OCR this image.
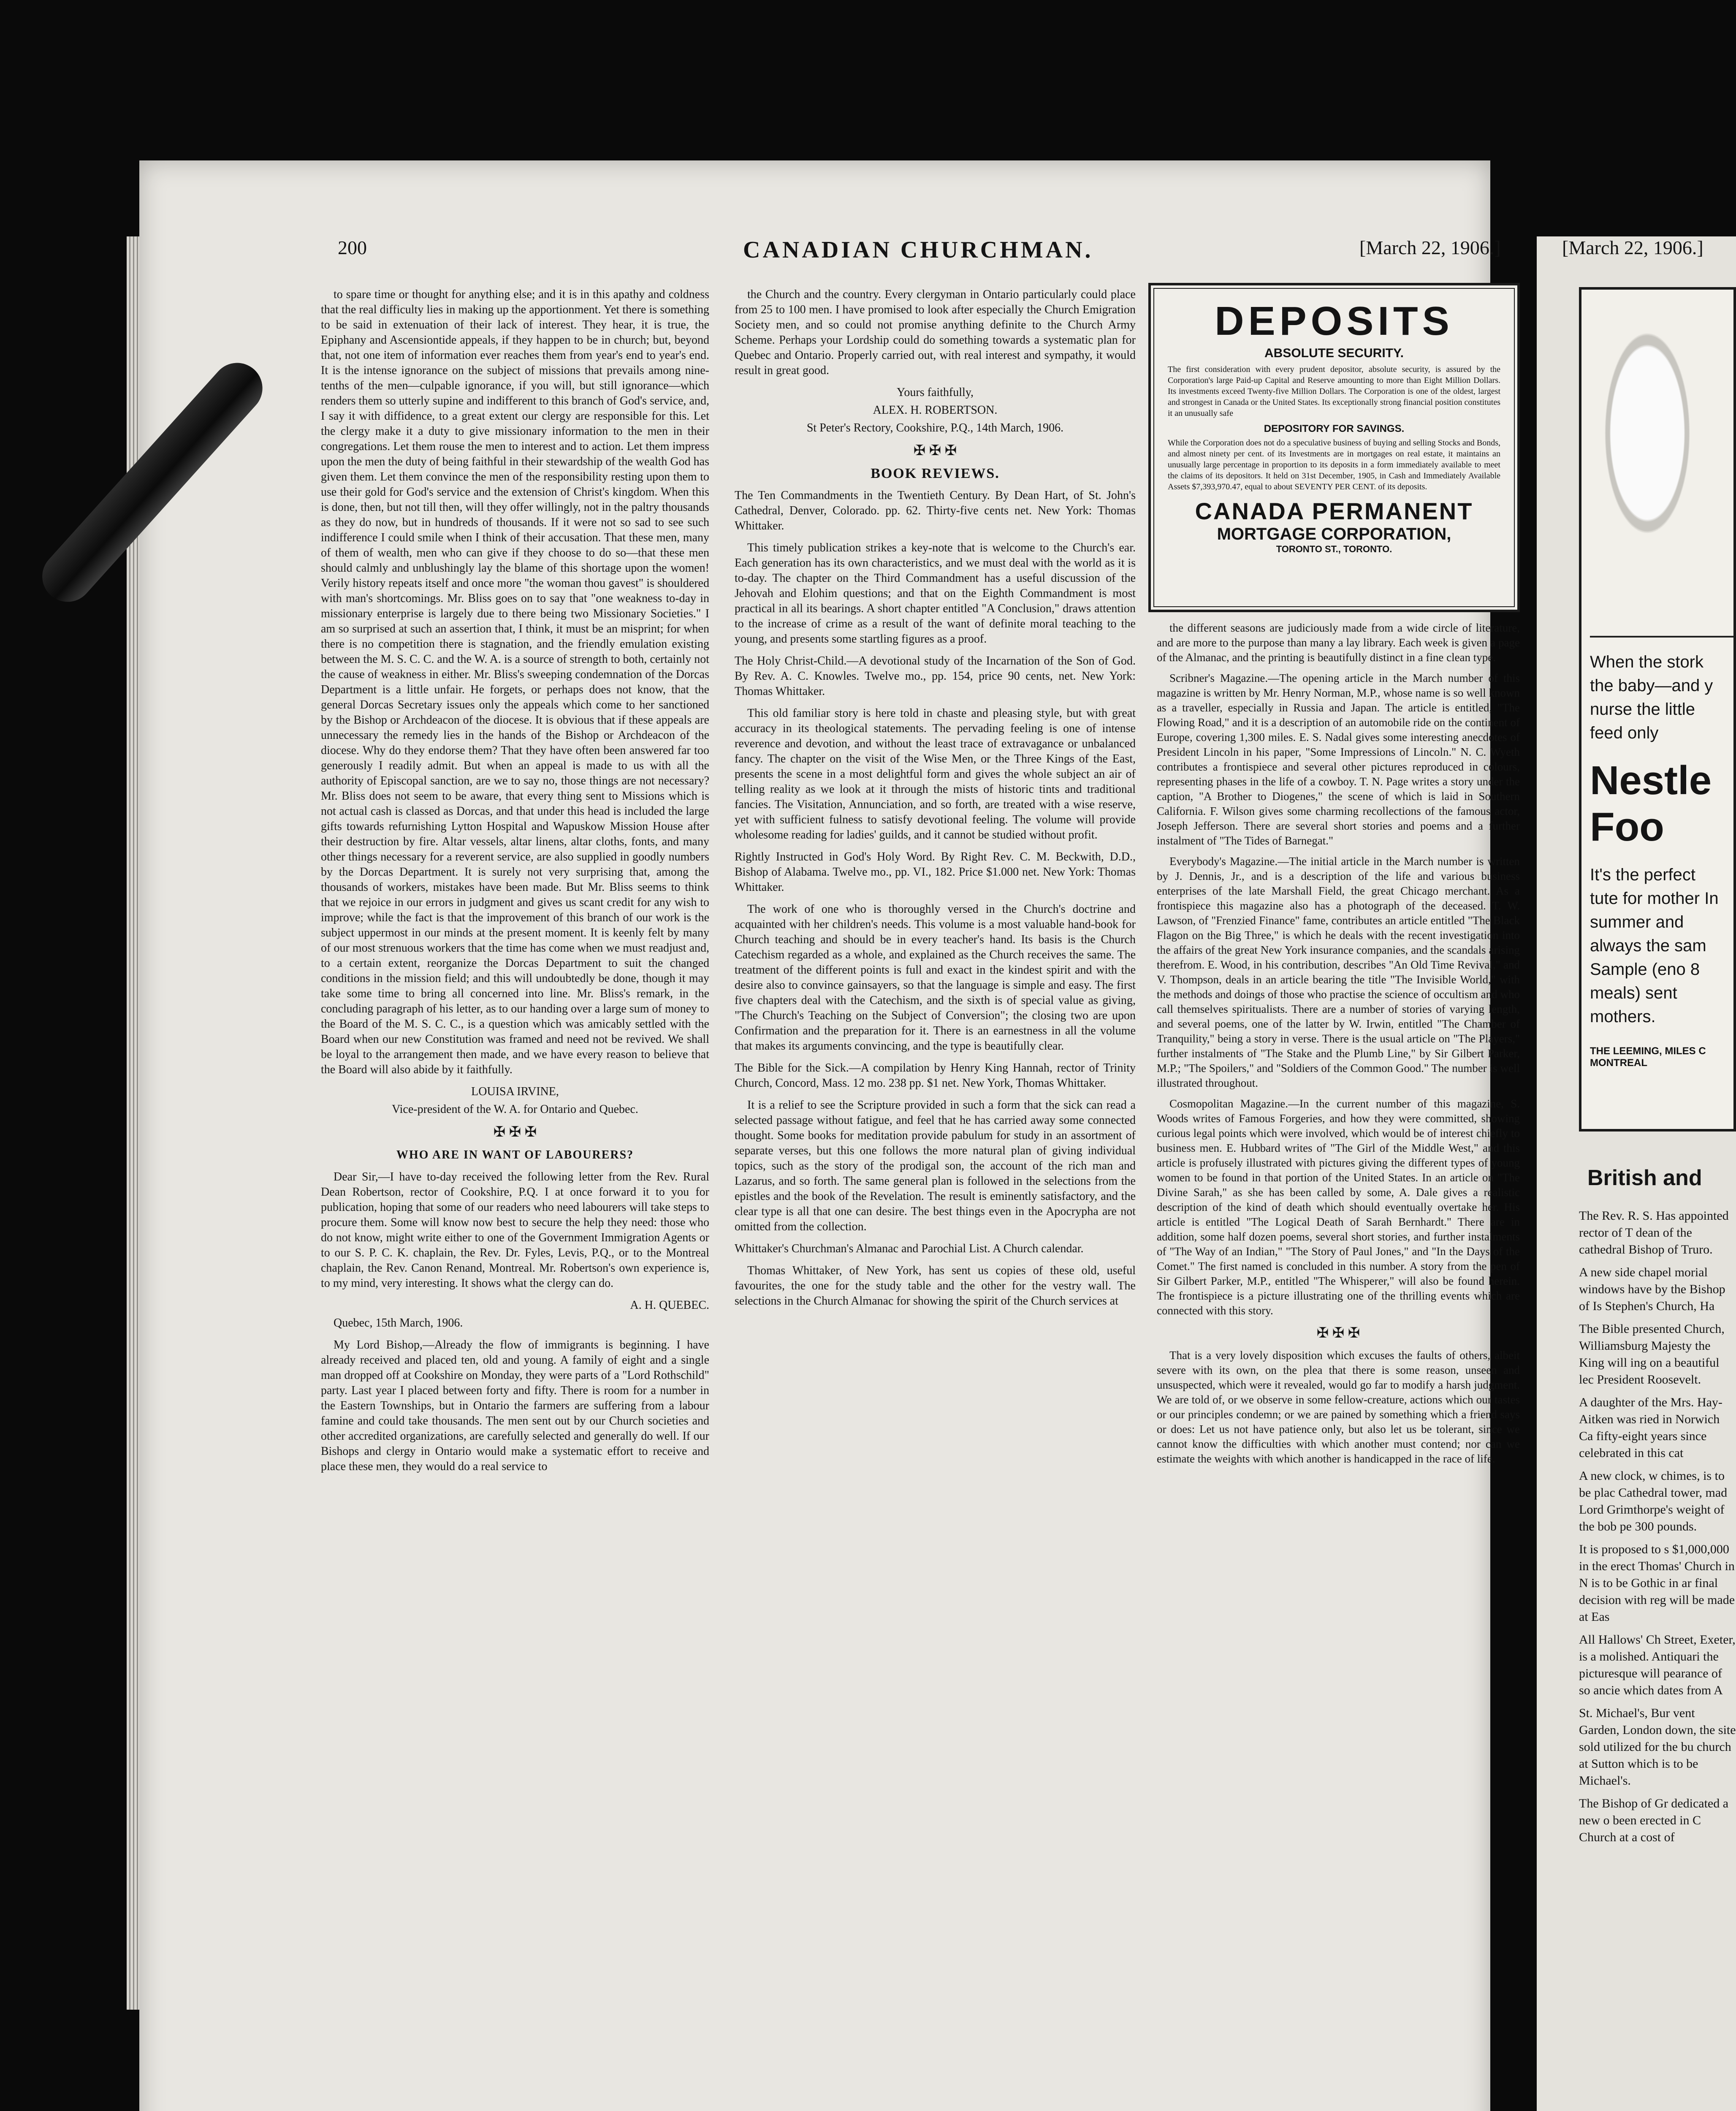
200	CANADIAN CHURCHMAN.	[March 22, 1906.]	[March 22, 1906.]

to spare time or thought for anything else; and it is in this apathy and coldness that the real difficulty lies in making up the apportionment. Yet there is something to be said in extenuation of their lack of interest. They hear, it is true, the Epiphany and Ascensiontide appeals, if they happen to be in church; but, beyond that, not one item of information ever reaches them from year's end to year's end. It is the intense ignorance on the subject of missions that prevails among nine-tenths of the men—culpable ignorance, if you will, but still ignorance—which renders them so utterly supine and indifferent to this branch of God's service, and, I say it with diffidence, to a great extent our clergy are responsible for this. Let the clergy make it a duty to give missionary information to the men in their congregations. Let them rouse the men to interest and to action. Let them impress upon the men the duty of being faithful in their stewardship of the wealth God has given them. Let them convince the men of the responsibility resting upon them to use their gold for God's service and the extension of Christ's kingdom. When this is done, then, but not till then, will they offer willingly, not in the paltry thousands as they do now, but in hundreds of thousands. If it were not so sad to see such indifference I could smile when I think of their accusation. That these men, many of them of wealth, men who can give if they choose to do so—that these men should calmly and unblushingly lay the blame of this shortage upon the women! Verily history repeats itself and once more "the woman thou gavest" is shouldered with man's shortcomings. Mr. Bliss goes on to say that "one weakness to-day in missionary enterprise is largely due to there being two Missionary Societies." I am so surprised at such an assertion that, I think, it must be an misprint; for when there is no competition there is stagnation, and the friendly emulation existing between the M. S. C. C. and the W. A. is a source of strength to both, certainly not the cause of weakness in either. Mr. Bliss's sweeping condemnation of the Dorcas Department is a little unfair. He forgets, or perhaps does not know, that the general Dorcas Secretary issues only the appeals which come to her sanctioned by the Bishop or Archdeacon of the diocese. It is obvious that if these appeals are unnecessary the remedy lies in the hands of the Bishop or Archdeacon of the diocese. Why do they endorse them? That they have often been answered far too generously I readily admit. But when an appeal is made to us with all the authority of Episcopal sanction, are we to say no, those things are not necessary? Mr. Bliss does not seem to be aware, that every thing sent to Missions which is not actual cash is classed as Dorcas, and that under this head is included the large gifts towards refurnishing Lytton Hospital and Wapuskow Mission House after their destruction by fire. Altar vessels, altar linens, altar cloths, fonts, and many other things necessary for a reverent service, are also supplied in goodly numbers by the Dorcas Department. It is surely not very surprising that, among the thousands of workers, mistakes have been made. But Mr. Bliss seems to think that we rejoice in our errors in judgment and gives us scant credit for any wish to improve; while the fact is that the improvement of this branch of our work is the subject uppermost in our minds at the present moment. It is keenly felt by many of our most strenuous workers that the time has come when we must readjust and, to a certain extent, reorganize the Dorcas Department to suit the changed conditions in the mission field; and this will undoubtedly be done, though it may take some time to bring all concerned into line. Mr. Bliss's remark, in the concluding paragraph of his letter, as to our handing over a large sum of money to the Board of the M. S. C. C., is a question which was amicably settled with the Board when our new Constitution was framed and need not be revived. We shall be loyal to the arrangement then made, and we have every reason to believe that the Board will also abide by it faithfully.

LOUISA IRVINE,
Vice-president of the W. A. for Ontario and Quebec.
✠ ✠ ✠
WHO ARE IN WANT OF LABOURERS?

Dear Sir,—I have to-day received the following letter from the Rev. Rural Dean Robertson, rector of Cookshire, P.Q. I at once forward it to you for publication, hoping that some of our readers who need labourers will take steps to procure them. Some will know now best to secure the help they need: those who do not know, might write either to one of the Government Immigration Agents or to our S. P. C. K. chaplain, the Rev. Dr. Fyles, Levis, P.Q., or to the Montreal chaplain, the Rev. Canon Renand, Montreal. Mr. Robertson's own experience is, to my mind, very interesting. It shows what the clergy can do.

A. H. QUEBEC.

Quebec, 15th March, 1906.

My Lord Bishop,—Already the flow of immigrants is beginning. I have already received and placed ten, old and young. A family of eight and a single man dropped off at Cookshire on Monday, they were parts of a "Lord Rothschild" party. Last year I placed between forty and fifty. There is room for a number in the Eastern Townships, but in Ontario the farmers are suffering from a labour famine and could take thousands. The men sent out by our Church societies and other accredited organizations, are carefully selected and generally do well. If our Bishops and clergy in Ontario would make a systematic effort to receive and place these men, they would do a real service to

the Church and the country. Every clergyman in Ontario particularly could place from 25 to 100 men. I have promised to look after especially the Church Emigration Society men, and so could not promise anything definite to the Church Army Scheme. Perhaps your Lordship could do something towards a systematic plan for Quebec and Ontario. Properly carried out, with real interest and sympathy, it would result in great good.

Yours faithfully,
ALEX. H. ROBERTSON.
St Peter's Rectory, Cookshire, P.Q., 14th March, 1906.
✠ ✠ ✠
BOOK REVIEWS.

The Ten Commandments in the Twentieth Century. By Dean Hart, of St. John's Cathedral, Denver, Colorado. pp. 62. Thirty-five cents net. New York: Thomas Whittaker.

This timely publication strikes a key-note that is welcome to the Church's ear. Each generation has its own characteristics, and we must deal with the world as it is to-day. The chapter on the Third Commandment has a useful discussion of the Jehovah and Elohim questions; and that on the Eighth Commandment is most practical in all its bearings. A short chapter entitled "A Conclusion," draws attention to the increase of crime as a result of the want of definite moral teaching to the young, and presents some startling figures as a proof.

The Holy Christ-Child.—A devotional study of the Incarnation of the Son of God. By Rev. A. C. Knowles. Twelve mo., pp. 154, price 90 cents, net. New York: Thomas Whittaker.

This old familiar story is here told in chaste and pleasing style, but with great accuracy in its theological statements. The pervading feeling is one of intense reverence and devotion, and without the least trace of extravagance or unbalanced fancy. The chapter on the visit of the Wise Men, or the Three Kings of the East, presents the scene in a most delightful form and gives the whole subject an air of telling reality as we look at it through the mists of historic tints and traditional fancies. The Visitation, Annunciation, and so forth, are treated with a wise reserve, yet with sufficient fulness to satisfy devotional feeling. The volume will provide wholesome reading for ladies' guilds, and it cannot be studied without profit.

Rightly Instructed in God's Holy Word. By Right Rev. C. M. Beckwith, D.D., Bishop of Alabama. Twelve mo., pp. VI., 182. Price $1.000 net. New York: Thomas Whittaker.

The work of one who is thoroughly versed in the Church's doctrine and acquainted with her children's needs. This volume is a most valuable hand-book for Church teaching and should be in every teacher's hand. Its basis is the Church Catechism regarded as a whole, and explained as the Church receives the same. The treatment of the different points is full and exact in the kindest spirit and with the desire also to convince gainsayers, so that the language is simple and easy. The first five chapters deal with the Catechism, and the sixth is of special value as giving, "The Church's Teaching on the Subject of Conversion"; the closing two are upon Confirmation and the preparation for it. There is an earnestness in all the volume that makes its arguments convincing, and the type is beautifully clear.

The Bible for the Sick.—A compilation by Henry King Hannah, rector of Trinity Church, Concord, Mass. 12 mo. 238 pp. $1 net. New York, Thomas Whittaker.

It is a relief to see the Scripture provided in such a form that the sick can read a selected passage without fatigue, and feel that he has carried away some connected thought. Some books for meditation provide pabulum for study in an assortment of separate verses, but this one follows the more natural plan of giving individual topics, such as the story of the prodigal son, the account of the rich man and Lazarus, and so forth. The same general plan is followed in the selections from the epistles and the book of the Revelation. The result is eminently satisfactory, and the clear type is all that one can desire. The best things even in the Apocrypha are not omitted from the collection.

Whittaker's Churchman's Almanac and Parochial List. A Church calendar.

Thomas Whittaker, of New York, has sent us copies of these old, useful favourites, the one for the study table and the other for the vestry wall. The selections in the Church Almanac for showing the spirit of the Church services at

DEPOSITS
ABSOLUTE SECURITY.
The first consideration with every prudent depositor, absolute security, is assured by the Corporation's large Paid-up Capital and Reserve amounting to more than Eight Million Dollars. Its investments exceed Twenty-five Million Dollars. The Corporation is one of the oldest, largest and strongest in Canada or the United States. Its exceptionally strong financial position constitutes it an unusually safe
DEPOSITORY FOR SAVINGS.
While the Corporation does not do a speculative business of buying and selling Stocks and Bonds, and almost ninety per cent. of its Investments are in mortgages on real estate, it maintains an unusually large percentage in proportion to its deposits in a form immediately available to meet the claims of its depositors. It held on 31st December, 1905, in Cash and Immediately Available Assets $7,393,970.47, equal to about SEVENTY PER CENT. of its deposits.
CANADA PERMANENT
MORTGAGE CORPORATION,
TORONTO ST., TORONTO.

the different seasons are judiciously made from a wide circle of literature, and are more to the purpose than many a lay library. Each week is given a page of the Almanac, and the printing is beautifully distinct in a fine clean type.

Scribner's Magazine.—The opening article in the March number of this magazine is written by Mr. Henry Norman, M.P., whose name is so well known as a traveller, especially in Russia and Japan. The article is entitled, "The Flowing Road," and it is a description of an automobile ride on the continent of Europe, covering 1,300 miles. E. S. Nadal gives some interesting anecdotes of President Lincoln in his paper, "Some Impressions of Lincoln." N. C. Wyeth contributes a frontispiece and several other pictures reproduced in colours, representing phases in the life of a cowboy. T. N. Page writes a story under the caption, "A Brother to Diogenes," the scene of which is laid in Southern California. F. Wilson gives some charming recollections of the famous actor, Joseph Jefferson. There are several short stories and poems and a further instalment of "The Tides of Barnegat."

Everybody's Magazine.—The initial article in the March number is written by J. Dennis, Jr., and is a description of the life and various business enterprises of the late Marshall Field, the great Chicago merchant. As a frontispiece this magazine also has a photograph of the deceased. T. W. Lawson, of "Frenzied Finance" fame, contributes an article entitled "The Black Flagon on the Big Three," is which he deals with the recent investigation into the affairs of the great New York insurance companies, and the scandals arising therefrom. E. Wood, in his contribution, describes "An Old Time Revival," and V. Thompson, deals in an article bearing the title "The Invisible World," with the methods and doings of those who practise the science of occultism and who call themselves spiritualists. There are a number of stories of varying length, and several poems, one of the latter by W. Irwin, entitled "The Chamber of Tranquility," being a story in verse. There is the usual article on "The Players," further instalments of "The Stake and the Plumb Line," by Sir Gilbert Parker, M.P.; "The Spoilers," and "Soldiers of the Common Good." The number is well illustrated throughout.

Cosmopolitan Magazine.—In the current number of this magazine, S. Woods writes of Famous Forgeries, and how they were committed, showing curious legal points which were involved, which would be of interest chiefly to business men. E. Hubbard writes of "The Girl of the Middle West," and this article is profusely illustrated with pictures giving the different types of young women to be found in that portion of the United States. In an article on "The Divine Sarah," as she has been called by some, A. Dale gives a realistic description of the kind of death which should eventually overtake her. His article is entitled "The Logical Death of Sarah Bernhardt." There are in addition, some half dozen poems, several short stories, and further instalments of "The Way of an Indian," "The Story of Paul Jones," and "In the Days of the Comet." The first named is concluded in this number. A story from the pen of Sir Gilbert Parker, M.P., entitled "The Whisperer," will also be found herein. The frontispiece is a picture illustrating one of the thrilling events which are connected with this story.

✠ ✠ ✠

That is a very lovely disposition which excuses the faults of others, albeit severe with its own, on the plea that there is some reason, unseen and unsuspected, which were it revealed, would go far to modify a harsh judgment. We are told of, or we observe in some fellow-creature, actions which our tastes or our principles condemn; or we are pained by something which a friend says or does: Let us not have patience only, but also let us be tolerant, since we cannot know the difficulties with which another must contend; nor can we estimate the weights with which another is handicapped in the race of life.

When the stork the baby—and y nurse the little feed only
Nestle Foo
It's the perfect tute for mother In summer and always the sam Sample (eno 8 meals) sent mothers.
THE LEEMING, MILES C MONTREAL
British and

The Rev. R. S. Has appointed rector of T dean of the cathedral Bishop of Truro.

A new side chapel morial windows have by the Bishop of Is Stephen's Church, Ha

The Bible presented Church, Williamsburg Majesty the King will ing on a beautiful lec President Roosevelt.

A daughter of the Mrs. Hay-Aitken was ried in Norwich Ca fifty-eight years since celebrated in this cat

A new clock, w chimes, is to be plac Cathedral tower, mad Lord Grimthorpe's weight of the bob pe 300 pounds.

It is proposed to s $1,000,000 in the erect Thomas' Church in N is to be Gothic in ar final decision with reg will be made at Eas

All Hallows' Ch Street, Exeter, is a molished. Antiquari the picturesque will pearance of so ancie which dates from A

St. Michael's, Bur vent Garden, London down, the site sold utilized for the bu church at Sutton which is to be Michael's.

The Bishop of Gr dedicated a new o been erected in C Church at a cost of
